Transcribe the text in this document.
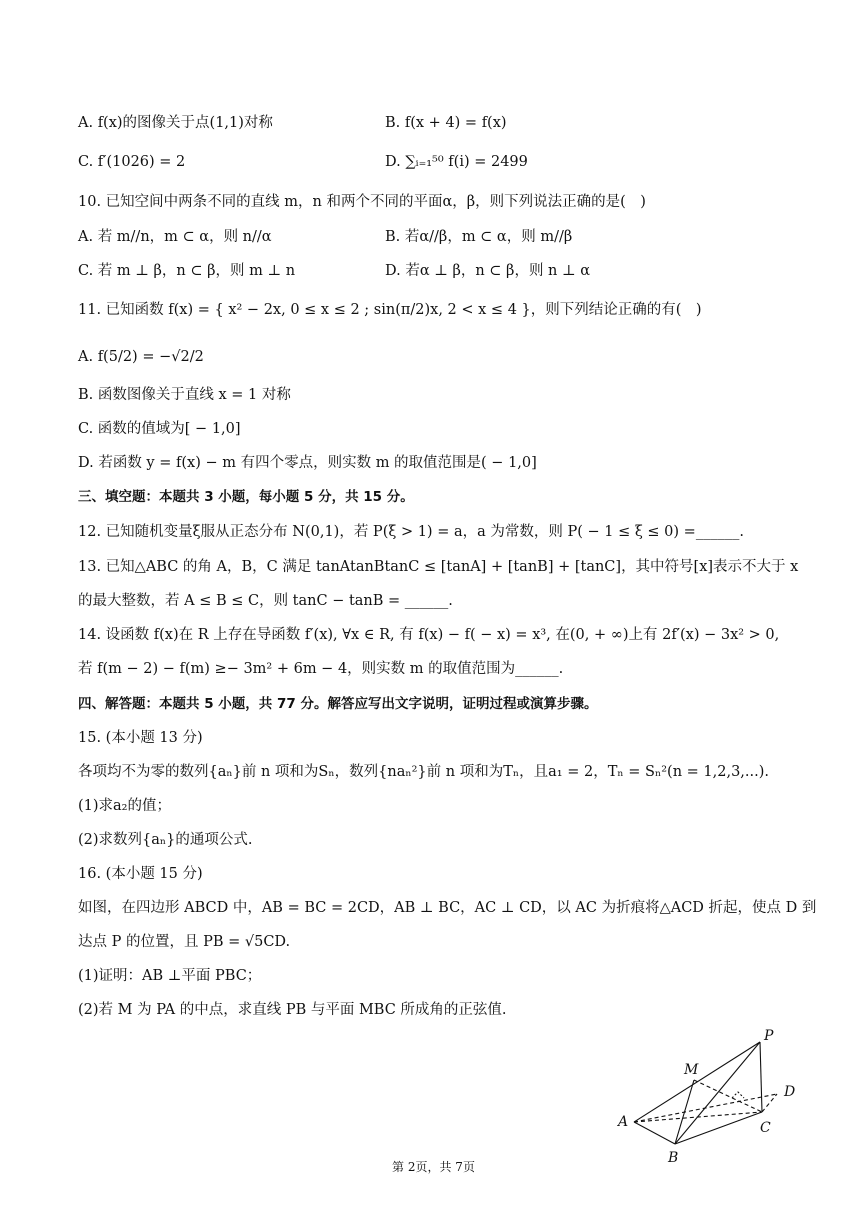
A. f(x)的图像关于点(1,1)对称	B. f(x + 4) = f(x)
C. f′(1026) = 2	D. ∑ᵢ₌₁⁵⁰ f(i) = 2499
10. 已知空间中两条不同的直线 m，n 和两个不同的平面α，β，则下列说法正确的是(　)
A. 若 m//n，m ⊂ α，则 n//α	B. 若α//β，m ⊂ α，则 m//β
C. 若 m ⊥ β，n ⊂ β，则 m ⊥ n	D. 若α ⊥ β，n ⊂ β，则 n ⊥ α
11. 已知函数 f(x) = { x² − 2x, 0 ≤ x ≤ 2 ; sin(π/2)x, 2 < x ≤ 4 }，则下列结论正确的有(　)
A. f(5/2) = −√2/2
B. 函数图像关于直线 x = 1 对称
C. 函数的值域为[ − 1,0]
D. 若函数 y = f(x) − m 有四个零点，则实数 m 的取值范围是( − 1,0]
三、填空题：本题共 3 小题，每小题 5 分，共 15 分。
12. 已知随机变量ξ服从正态分布 N(0,1)，若 P(ξ > 1) = a，a 为常数，则 P( − 1 ≤ ξ ≤ 0) =______.
13. 已知△ABC 的角 A，B，C 满足 tanAtanBtanC ≤ [tanA] + [tanB] + [tanC]，其中符号[x]表示不大于 x
的最大整数，若 A ≤ B ≤ C，则 tanC − tanB = ______.
14. 设函数 f(x)在 R 上存在导函数 f′(x), ∀x ∈ R, 有 f(x) − f( − x) = x³, 在(0, + ∞)上有 2f′(x) − 3x² > 0,
若 f(m − 2) − f(m) ≥− 3m² + 6m − 4，则实数 m 的取值范围为______.
四、解答题：本题共 5 小题，共 77 分。解答应写出文字说明，证明过程或演算步骤。
15. (本小题 13 分)
各项均不为零的数列{aₙ}前 n 项和为Sₙ，数列{naₙ²}前 n 项和为Tₙ，且a₁ = 2，Tₙ = Sₙ²(n = 1,2,3,...).
(1)求a₂的值；
(2)求数列{aₙ}的通项公式.
16. (本小题 15 分)
如图，在四边形 ABCD 中，AB = BC = 2CD，AB ⊥ BC，AC ⊥ CD，以 AC 为折痕将△ACD 折起，使点 D 到
达点 P 的位置，且 PB = √5CD.
(1)证明：AB ⊥平面 PBC；
(2)若 M 为 PA 的中点，求直线 PB 与平面 MBC 所成角的正弦值.
P
M
D
A	C
B
第 2页，共 7页
